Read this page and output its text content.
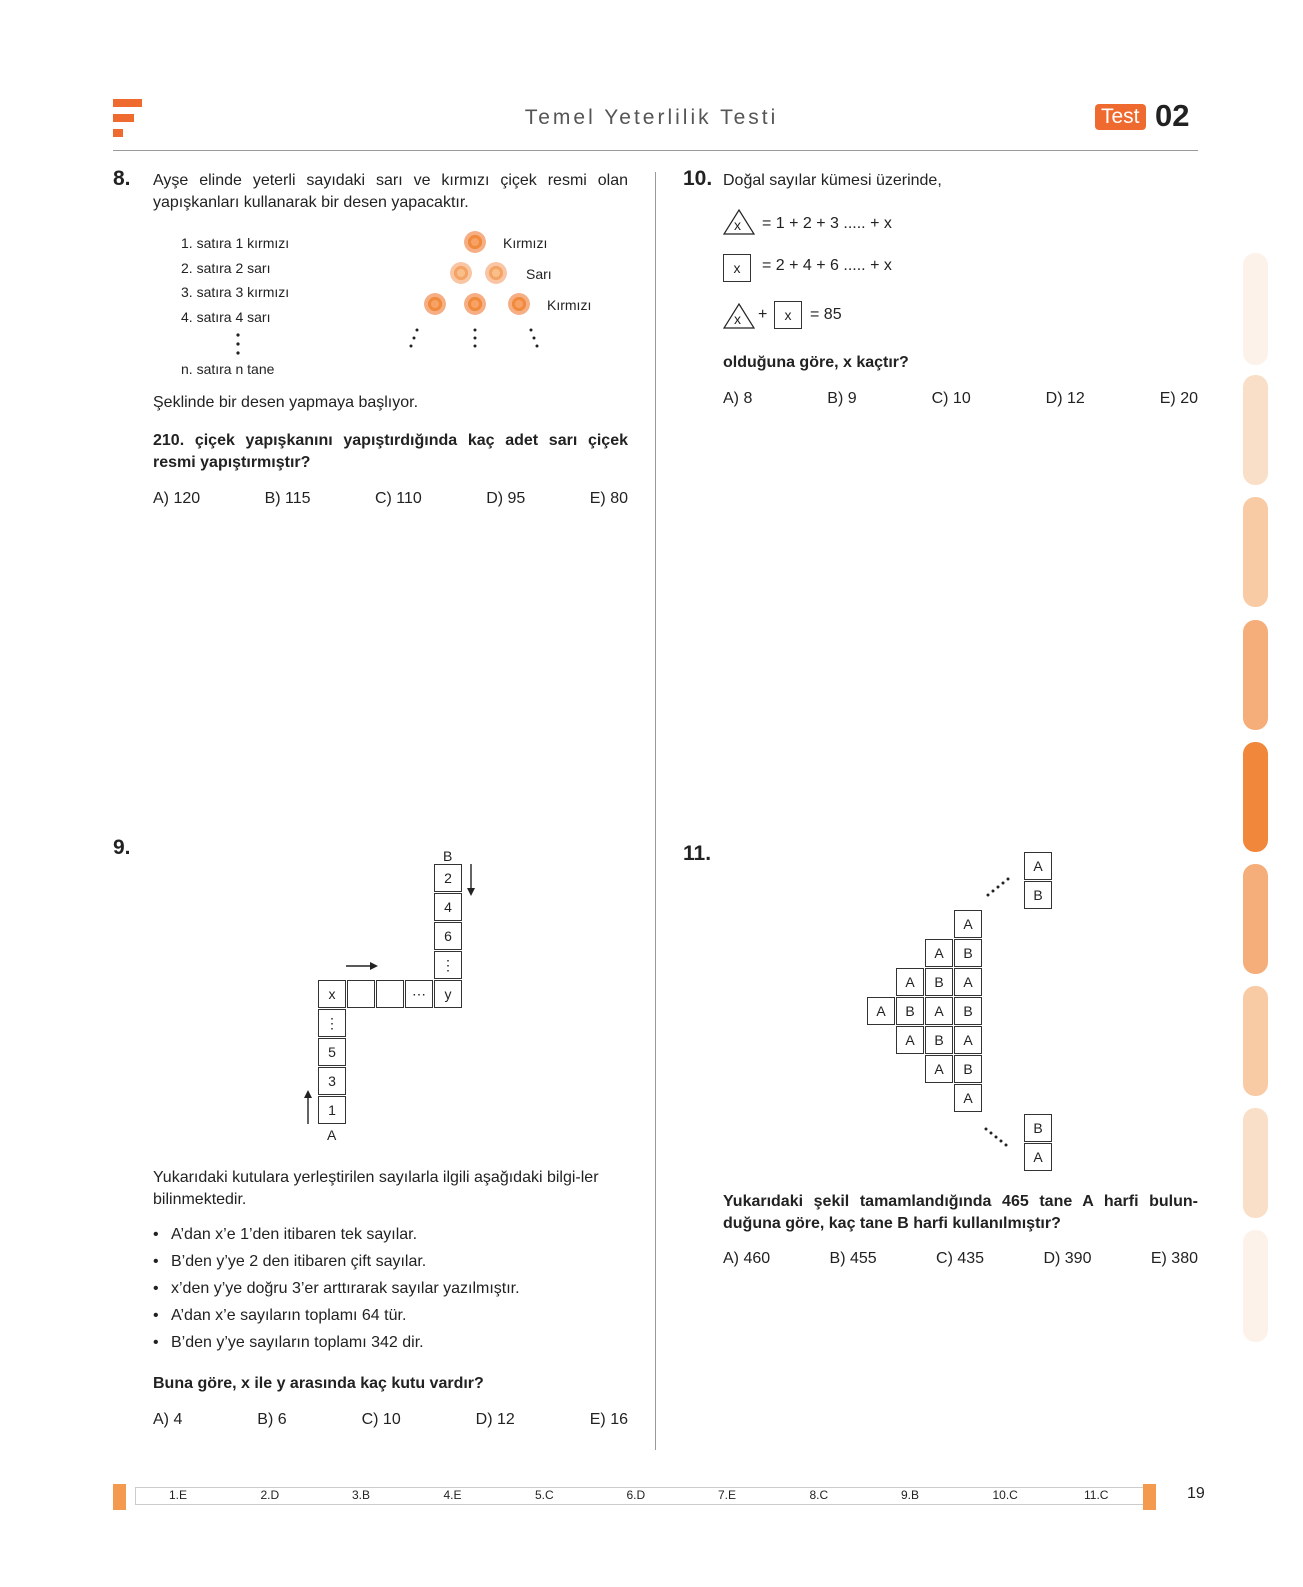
Temel Yeterlilik Testi	Test 02
8. Ayşe elinde yeterli sayıdaki sarı ve kırmızı çiçek resmi olan yapışkanları kullanarak bir desen yapacaktır.
1. satıra 1 kırmızı
2. satıra 2 sarı
3. satıra 3 kırmızı
4. satıra 4 sarı
n. satıra n tane
Kırmızı
Sarı
Kırmızı
Şeklinde bir desen yapmaya başlıyor.
210. çiçek yapışkanını yapıştırdığında kaç adet sarı çiçek resmi yapıştırmıştır?
A) 120	B) 115	C) 110	D) 95	E) 80
9.	B
2
4
6
⋮
x	⋯	y
⋮
5
3
1
A
Yukarıdaki kutulara yerleştirilen sayılarla ilgili aşağıdaki bilgi-ler bilinmektedir.
• A’dan x’e 1’den itibaren tek sayılar.
• B’den y’ye 2 den itibaren çift sayılar.
• x’den y’ye doğru 3’er arttırarak sayılar yazılmıştır.
• A’dan x’e sayıların toplamı 64 tür.
• B’den y’ye sayıların toplamı 342 dir.
Buna göre, x ile y arasında kaç kutu vardır?
A) 4	B) 6	C) 10	D) 12	E) 16
10. Doğal sayılar kümesi üzerinde,
x = 1 + 2 + 3 ..... + x
x	= 2 + 4 + 6 ..... + x
x +	x	= 85
olduğuna göre, x kaçtır?
A) 8	B) 9	C) 10	D) 12	E) 20
11.
A
B
A
A	B
A	B	A
A	B	A	B
A	B	A
A	B
A
B
A
Yukarıdaki şekil tamamlandığında 465 tane A harfi bulun-duğuna göre, kaç tane B harfi kullanılmıştır?
A) 460	B) 455	C) 435	D) 390	E) 380
1.E	2.D	3.B	4.E	5.C	6.D	7.E	8.C	9.B	10.C	11.C	19
